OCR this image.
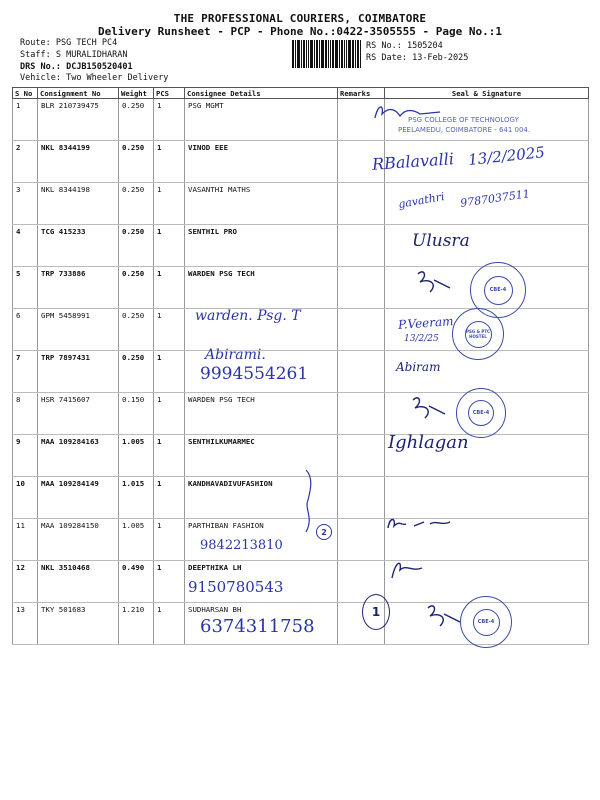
THE PROFESSIONAL COURIERS, COIMBATORE
Delivery Runsheet - PCP - Phone No.:0422-3505555 - Page No.:1
Route: PSG TECH PC4
Staff: S MURALIDHARAN
DRS No.: DCJB150520401
Vehicle: Two Wheeler Delivery
RS No.: 1505204
RS Date: 13-Feb-2025
S No	Consignment No	Weight	PCS	Consignee Details	Remarks	Seal & Signature
1	BLR 210739475	0.250	1	PSG MGMT		
2	NKL 8344199	0.250	1	VINOD EEE		
3	NKL 8344198	0.250	1	VASANTHI MATHS		
4	TCG 415233	0.250	1	SENTHIL PRO		
5	TRP 733886	0.250	1	WARDEN PSG TECH		
6	GPM 5458991	0.250	1			
7	TRP 7897431	0.250	1			
8	HSR 7415607	0.150	1	WARDEN PSG TECH		
9	MAA 109284163	1.005	1	SENTHILKUMARMEC		
10	MAA 109284149	1.015	1	KANDHAVADIVUFASHION		
11	MAA 109284150	1.005	1	PARTHIBAN FASHION		
12	NKL 3510468	0.490	1	DEEPTHIKA LH		
13	TKY 501683	1.210	1	SUDHARSAN BH		
PSG COLLEGE OF TECHNOLOGY
PEELAMEDU, COIMBATORE - 641 004.
RBalavalli 13/2/2025
gavathri 9787037511
Ulusra
CBE-4
warden. Psg. T	P.Veeram
13/2/25
PSG & PTC HOSTEL
Abirami.
9994554261	Abiram
CBE-4
Ighlagan
9842213810
2
9150780543
6374311758
1
CBE-4
